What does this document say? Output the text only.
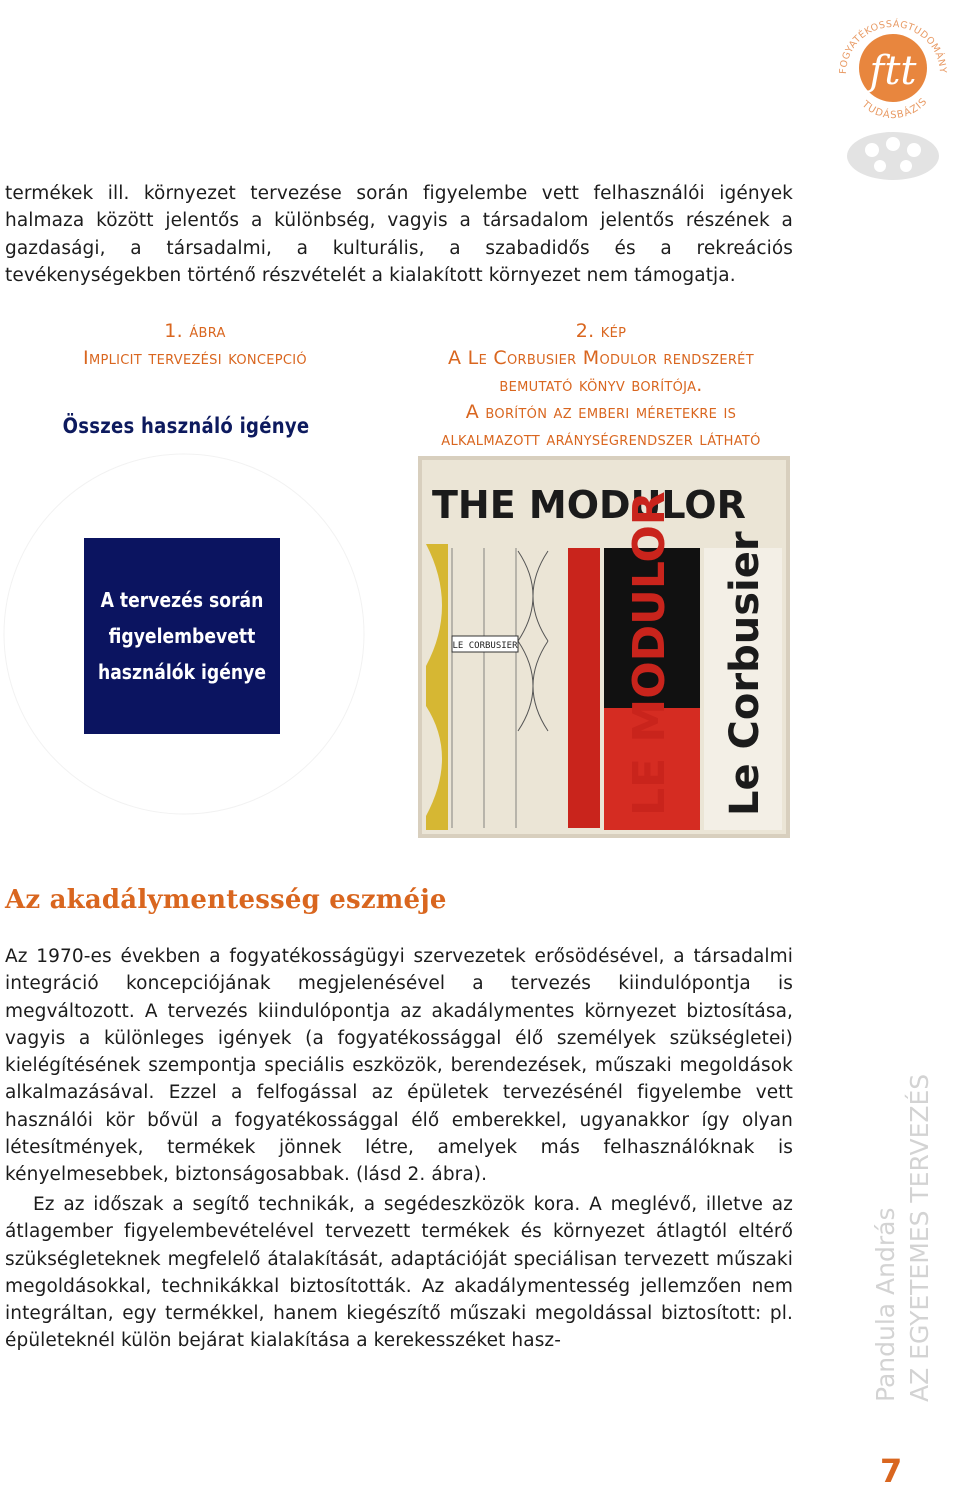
FOGYATÉKOSSÁGTUDOMÁNY
TUDÁSBÁZIS
ftt

termékek ill. környezet tervezése során figyelembe vett felhasználói igények halmaza között jelentős a különbség, vagyis a társadalom jelentős részének a gazdasági, a társadalmi, a kulturális, a szabadidős és a rekreációs tevékenységekben történő részvételét a kialakított környezet nem támogatja.

1. ábra
Implicit tervezési koncepció
2. kép
A Le Corbusier Modulor rendszerét
bemutató könyv borítója.
A borítón az emberi méretekre is
alkalmazott aránységrendszer látható
Összes használó igénye
A tervezés során
figyelembevett
használók igénye
THE MODULOR
LE CORBUSIER LE MODULOR Le Corbusier
Az akadálymentesség eszméje

Az 1970-es években a fogyatékosságügyi szervezetek erősödésével, a társadalmi integráció koncepciójának megjelenésével a tervezés kiindulópontja is megváltozott. A tervezés kiindulópontja az akadálymentes környezet biztosítása, vagyis a különleges igények (a fogyatékossággal élő személyek szükségletei) kielégítésének szempontja speciális eszközök, berendezések, műszaki megoldások alkalmazásával. Ezzel a felfogással az épületek tervezésénél figyelembe vett használói kör bővül a fogyatékossággal élő emberekkel, ugyanakkor így olyan létesítmények, termékek jönnek létre, amelyek más felhasználóknak is kényelmesebbek, biztonságosabbak. (lásd 2. ábra).

Ez az időszak a segítő technikák, a segédeszközök kora. A meglévő, illetve az átlagember figyelembevételével tervezett termékek és környezet átlagtól eltérő szükségleteknek megfelelő átalakítását, adaptációját speciálisan tervezett műszaki megoldásokkal, technikákkal biztosították. Az akadálymentesség jellemzően nem integráltan, egy termékkel, hanem kiegészítő műszaki megoldással biztosított: pl. épületeknél külön bejárat kialakítása a kerekesszéket hasz-	Pandula András AZ EGYETEMES TERVEZÉS
7
